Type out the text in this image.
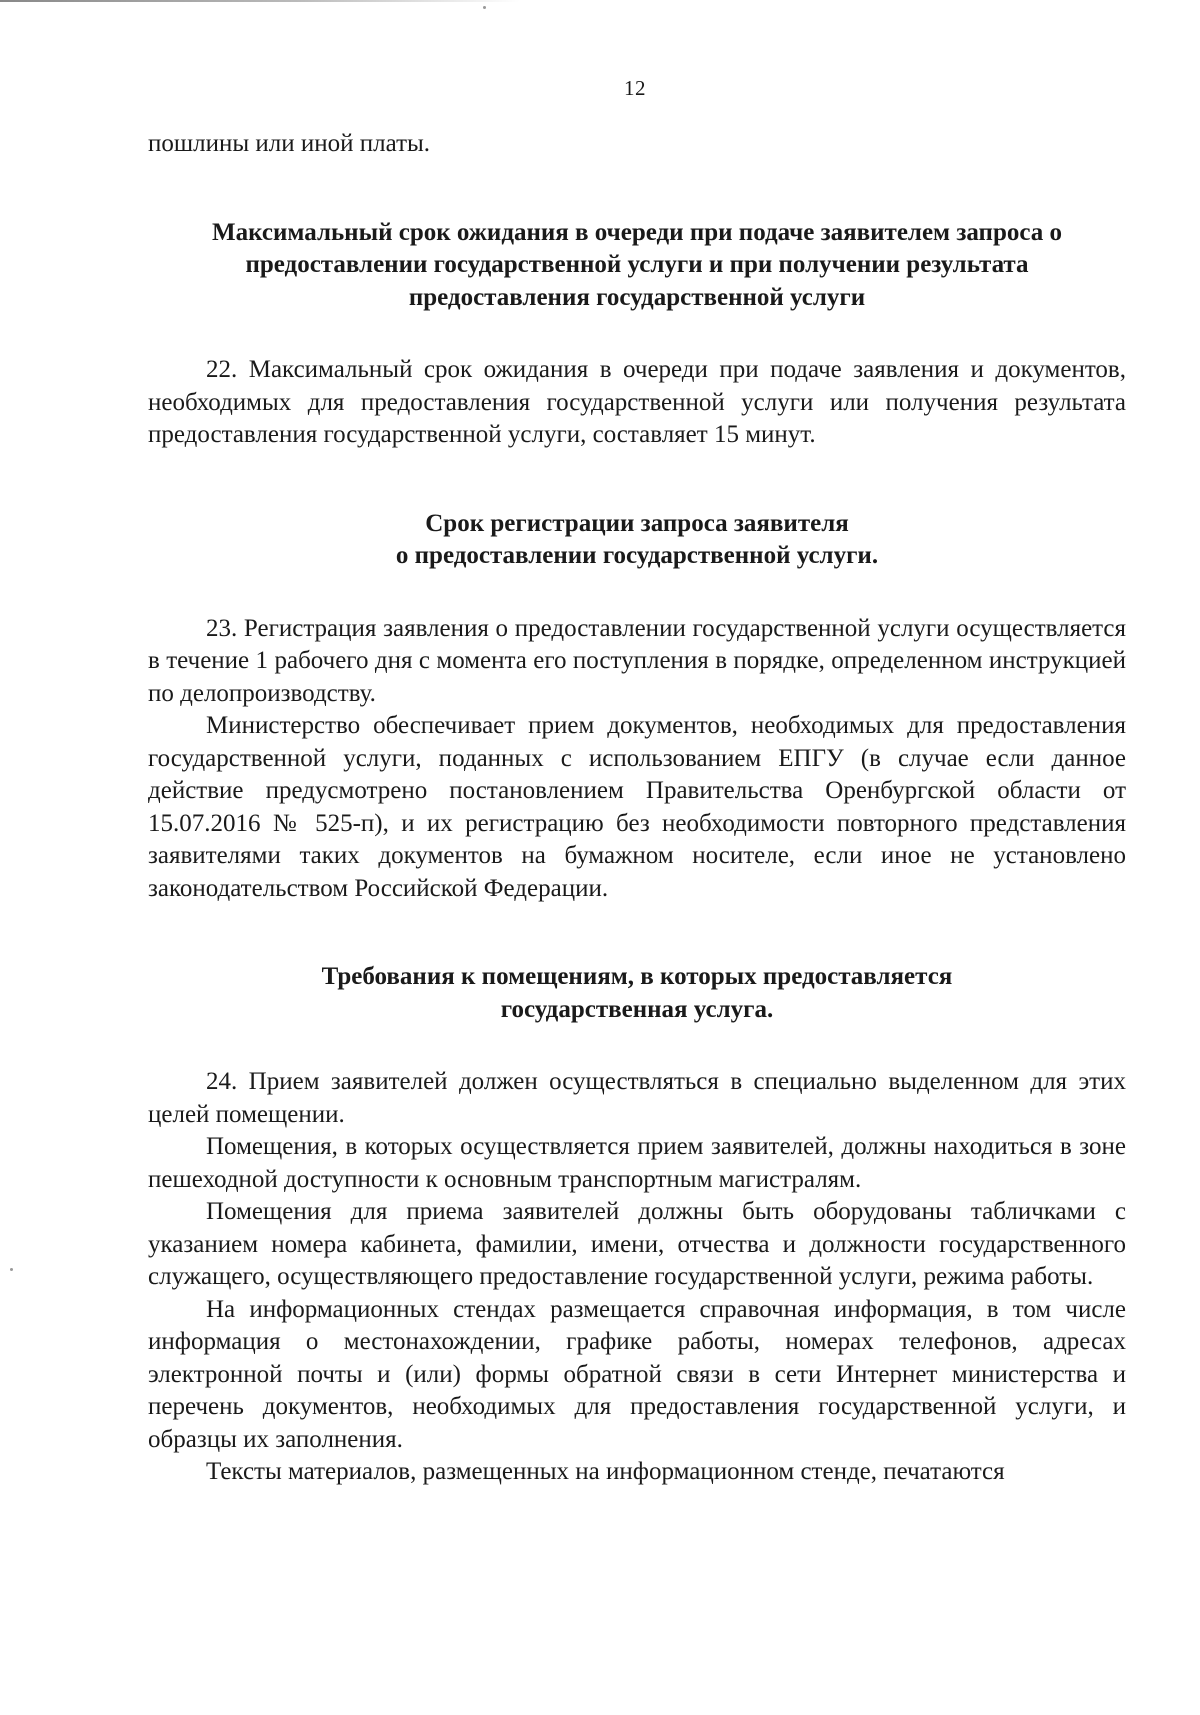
12

пошлины или иной платы.

Максимальный срок ожидания в очереди при подаче заявителем запроса о
предоставлении государственной услуги и при получении результата
предоставления государственной услуги

22. Максимальный срок ожидания в очереди при подаче заявления и документов, необходимых для предоставления государственной услуги или получения результата предоставления государственной услуги, составляет 15 минут.

Срок регистрации запроса заявителя
о предоставлении государственной услуги.

23. Регистрация заявления о предоставлении государственной услуги осуществляется в течение 1 рабочего дня с момента его поступления в порядке, определенном инструкцией по делопроизводству.

Министерство обеспечивает прием документов, необходимых для предоставления государственной услуги, поданных с использованием ЕПГУ (в случае если данное действие предусмотрено постановлением Правительства Оренбургской области от 15.07.2016 № 525-п), и их регистрацию без необходимости повторного представления заявителями таких документов на бумажном носителе, если иное не установлено законодательством Российской Федерации.

Требования к помещениям, в которых предоставляется
государственная услуга.

24. Прием заявителей должен осуществляться в специально выделенном для этих целей помещении.

Помещения, в которых осуществляется прием заявителей, должны находиться в зоне пешеходной доступности к основным транспортным магистралям.

Помещения для приема заявителей должны быть оборудованы табличками с указанием номера кабинета, фамилии, имени, отчества и должности государственного служащего, осуществляющего предоставление государственной услуги, режима работы.

На информационных стендах размещается справочная информация, в том числе информация о местонахождении, графике работы, номерах телефонов, адресах электронной почты и (или) формы обратной связи в сети Интернет министерства и перечень документов, необходимых для предоставления государственной услуги, и образцы их заполнения.

Тексты материалов, размещенных на информационном стенде, печатаются
